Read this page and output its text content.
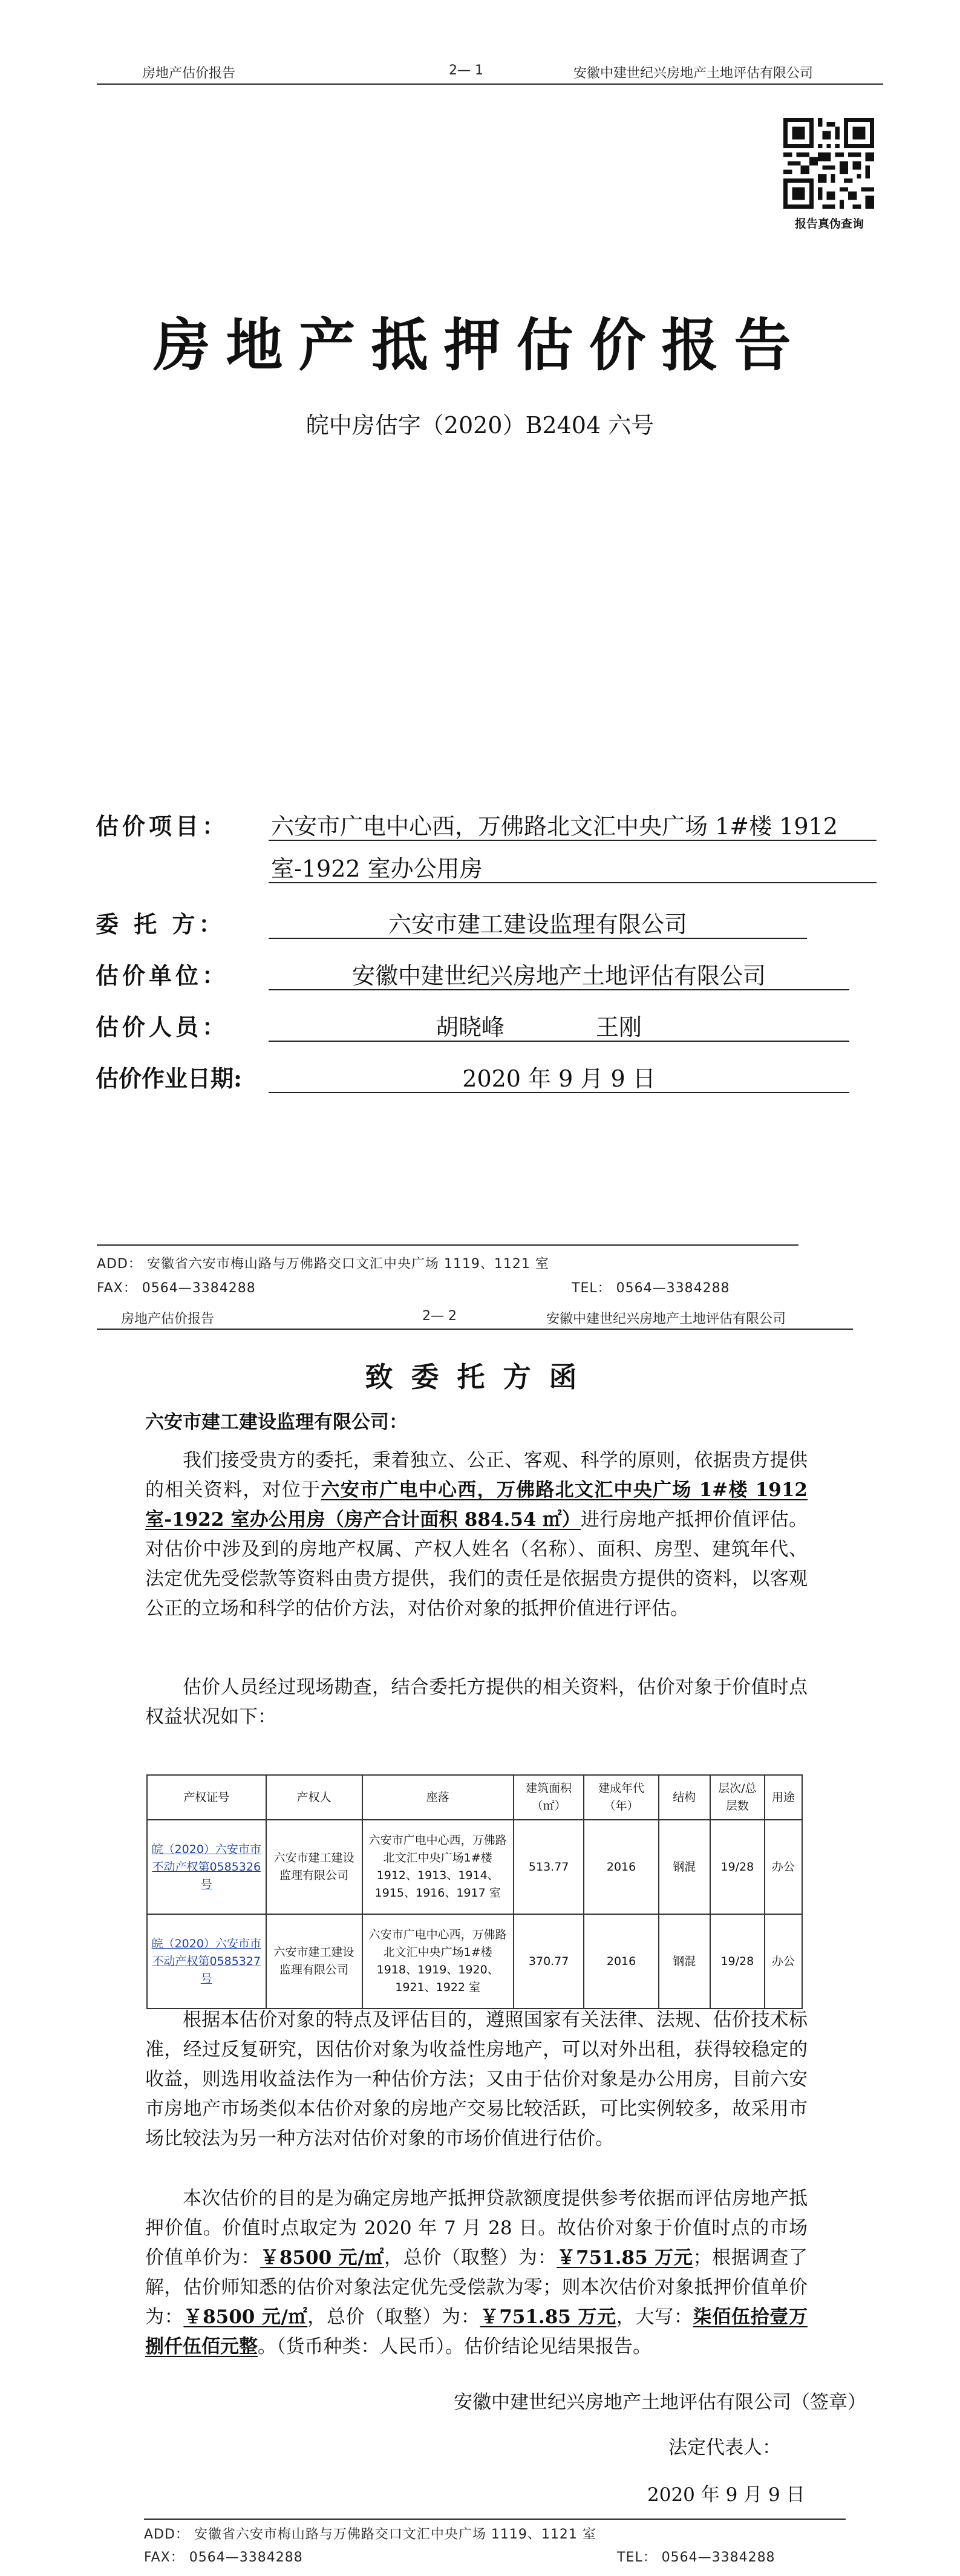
房地产估价报告	2— 1	安徽中建世纪兴房地产土地评估有限公司
报告真伪查询
房地产抵押估价报告
皖中房估字（2020）B2404 六号
估价项目： 六安市广电中心西，万佛路北文汇中央广场 1#楼 1912
室-1922 室办公用房
委 托 方：	六安市建工建设监理有限公司
估价单位：	安徽中建世纪兴房地产土地评估有限公司
估价人员：	胡晓峰	王刚
估价作业日期:	2020 年 9 月 9 日
ADD： 安徽省六安市梅山路与万佛路交口文汇中央广场 1119、1121 室
FAX： 0564—3384288	TEL： 0564—3384288
房地产估价报告	2— 2	安徽中建世纪兴房地产土地评估有限公司
致委托方函
六安市建工建设监理有限公司：
我们接受贵方的委托，秉着独立、公正、客观、科学的原则，依据贵方提供的相关资料，对位于六安市广电中心西，万佛路北文汇中央广场 1#楼 1912 室-1922 室办公用房（房产合计面积 884.54 ㎡）进行房地产抵押价值评估。对估价中涉及到的房地产权属、产权人姓名（名称）、面积、房型、建筑年代、法定优先受偿款等资料由贵方提供，我们的责任是依据贵方提供的资料，以客观公正的立场和科学的估价方法，对估价对象的抵押价值进行评估。
估价人员经过现场勘查，结合委托方提供的相关资料，估价对象于价值时点权益状况如下：
产权证号	产权人	座落	建筑面积（㎡）	建成年代（年）	结构	层次/总层数	用途
皖（2020）六安市市不动产权第0585326号	六安市建工建设监理有限公司	六安市广电中心西，万佛路北文汇中央广场1#楼 1912、1913、1914、1915、1916、1917 室	513.77	2016	钢混	19/28	办公
皖（2020）六安市市不动产权第0585327号	六安市建工建设监理有限公司	六安市广电中心西，万佛路北文汇中央广场1#楼 1918、1919、1920、1921、1922 室	370.77	2016	钢混	19/28	办公
根据本估价对象的特点及评估目的，遵照国家有关法律、法规、估价技术标准，经过反复研究，因估价对象为收益性房地产，可以对外出租，获得较稳定的收益，则选用收益法作为一种估价方法；又由于估价对象是办公用房，目前六安市房地产市场类似本估价对象的房地产交易比较活跃，可比实例较多，故采用市场比较法为另一种方法对估价对象的市场价值进行估价。
本次估价的目的是为确定房地产抵押贷款额度提供参考依据而评估房地产抵押价值。价值时点取定为 2020 年 7 月 28 日。故估价对象于价值时点的市场价值单价为：￥8500 元/㎡，总价（取整）为：￥751.85 万元；根据调查了解，估价师知悉的估价对象法定优先受偿款为零；则本次估价对象抵押价值单价为：￥8500 元/㎡，总价（取整）为：￥751.85 万元，大写：柒佰伍拾壹万捌仟伍佰元整。（货币种类：人民币）。估价结论见结果报告。
安徽中建世纪兴房地产土地评估有限公司（签章）
法定代表人：
2020 年 9 月 9 日
ADD： 安徽省六安市梅山路与万佛路交口文汇中央广场 1119、1121 室
FAX： 0564—3384288	TEL： 0564—3384288
